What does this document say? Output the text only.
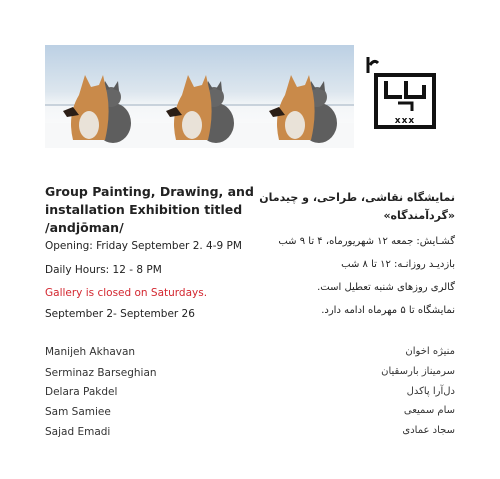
xxx
Group Painting, Drawing, and installation Exhibition titled /andjōman/
Opening: Friday September 2. 4-9 PM
Daily Hours: 12 - 8 PM
Gallery is closed on Saturdays.
September 2- September 26
Manijeh Akhavan
Serminaz Barseghian
Delara Pakdel
Sam Samiee
Sajad Emadi
نمایشگاه نقاشی، طراحی، و چیدمان
«گردآمندگاه»
گشـایش: جمعه ۱۲ شهریورماه، ۴ تا ۹ شب
بازدیـد روزانـه: ۱۲ تا ۸ شب
گالری روزهای شنبه تعطیل است.
نمایشگاه تا ۵ مهرماه ادامه دارد.
منیژه اخوان
سرمیناز بارسقیان
دل‌آرا پاکدل
سام سمیعی
سجاد عمادی
